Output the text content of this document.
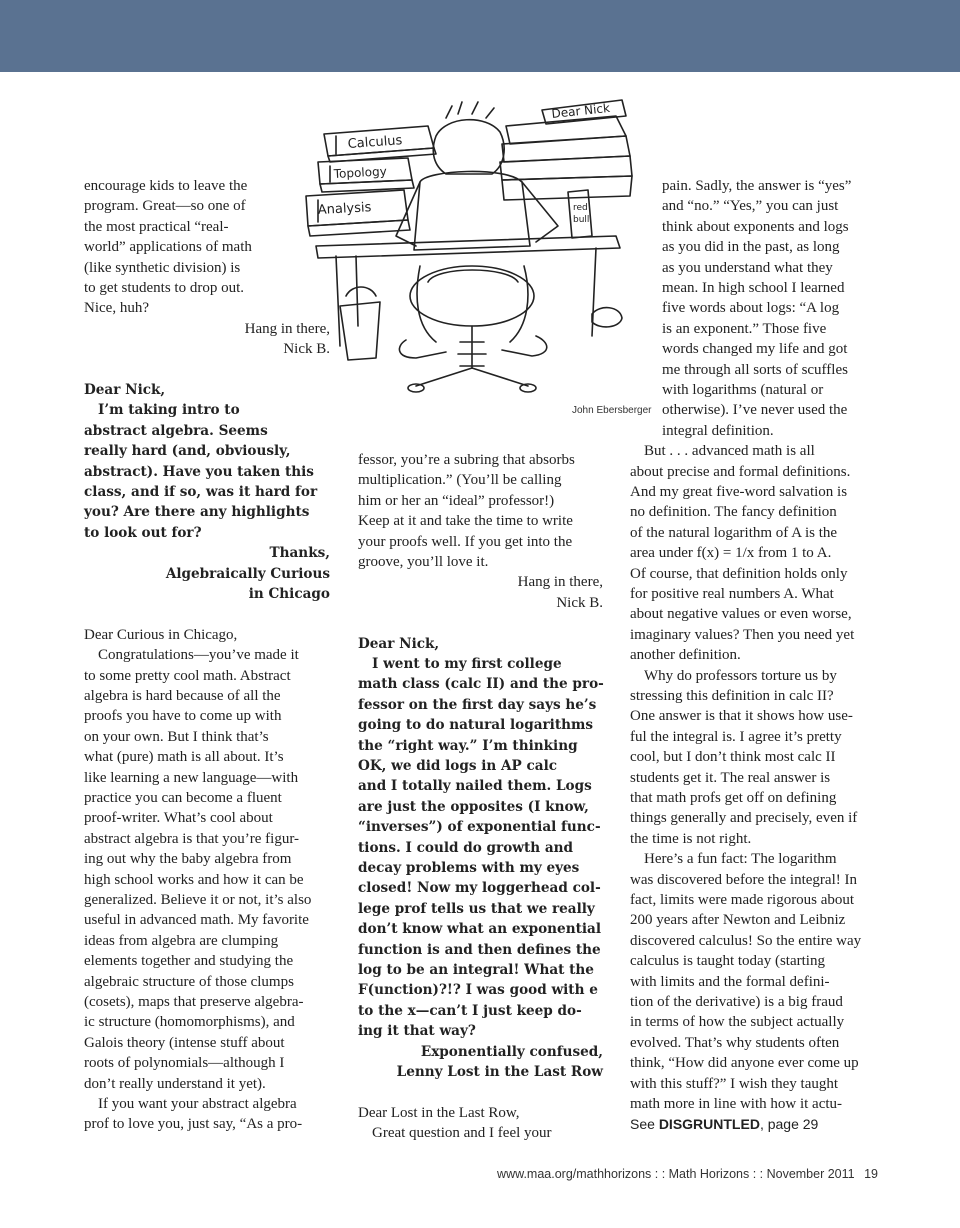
encourage kids to leave the
program. Great—so one of
the most practical “real-
world” applications of math
(like synthetic division) is
to get students to drop out.
Nice, huh?
Hang in there,
Nick B.
Dear Nick,
I’m taking intro to
abstract algebra. Seems
really hard (and, obviously,
abstract). Have you taken this
class, and if so, was it hard for
you? Are there any highlights
to look out for?
Thanks,
Algebraically Curious
in Chicago
Dear Curious in Chicago,
Congratulations—you’ve made it
to some pretty cool math. Abstract
algebra is hard because of all the
proofs you have to come up with
on your own. But I think that’s
what (pure) math is all about. It’s
like learning a new language—with
practice you can become a fluent
proof-writer. What’s cool about
abstract algebra is that you’re figur-
ing out why the baby algebra from
high school works and how it can be
generalized. Believe it or not, it’s also
useful in advanced math. My favorite
ideas from algebra are clumping
elements together and studying the
algebraic structure of those clumps
(cosets), maps that preserve algebra-
ic structure (homomorphisms), and
Galois theory (intense stuff about
roots of polynomials—although I
don’t really understand it yet).
If you want your abstract algebra
prof to love you, just say, “As a pro-
fessor, you’re a subring that absorbs
multiplication.” (You’ll be calling
him or her an “ideal” professor!)
Keep at it and take the time to write
your proofs well. If you get into the
groove, you’ll love it.
Hang in there,
Nick B.
Dear Nick,
I went to my first college
math class (calc II) and the pro-
fessor on the first day says he’s
going to do natural logarithms
the “right way.” I’m thinking
OK, we did logs in AP calc
and I totally nailed them. Logs
are just the opposites (I know,
“inverses”) of exponential func-
tions. I could do growth and
decay problems with my eyes
closed! Now my loggerhead col-
lege prof tells us that we really
don’t know what an exponential
function is and then defines the
log to be an integral! What the
F(unction)?!? I was good with e
to the x—can’t I just keep do-
ing it that way?
Exponentially confused,
Lenny Lost in the Last Row
Dear Lost in the Last Row,
Great question and I feel your
pain. Sadly, the answer is “yes”
and “no.” “Yes,” you can just
think about exponents and logs
as you did in the past, as long
as you understand what they
mean. In high school I learned
five words about logs: “A log
is an exponent.” Those five
words changed my life and got
me through all sorts of scuffles
with logarithms (natural or
otherwise). I’ve never used the
integral definition.
But . . . advanced math is all
about precise and formal definitions.
And my great five-word salvation is
no definition. The fancy definition
of the natural logarithm of A is the
area under f(x) = 1/x from 1 to A.
Of course, that definition holds only
for positive real numbers A. What
about negative values or even worse,
imaginary values? Then you need yet
another definition.
Why do professors torture us by
stressing this definition in calc II?
One answer is that it shows how use-
ful the integral is. I agree it’s pretty
cool, but I don’t think most calc II
students get it. The real answer is
that math profs get off on defining
things generally and precisely, even if
the time is not right.
Here’s a fun fact: The logarithm
was discovered before the integral! In
fact, limits were made rigorous about
200 years after Newton and Leibniz
discovered calculus! So the entire way
calculus is taught today (starting
with limits and the formal defini-
tion of the derivative) is a big fraud
in terms of how the subject actually
evolved. That’s why students often
think, “How did anyone ever come up
with this stuff?” I wish they taught
math more in line with how it actu-
See DISGRUNTLED, page 29
Calculus
Topology
Analysis
Dear Nick
red
bull
John Ebersberger
www.maa.org/mathhorizons : : Math Horizons : : November 2011 19
